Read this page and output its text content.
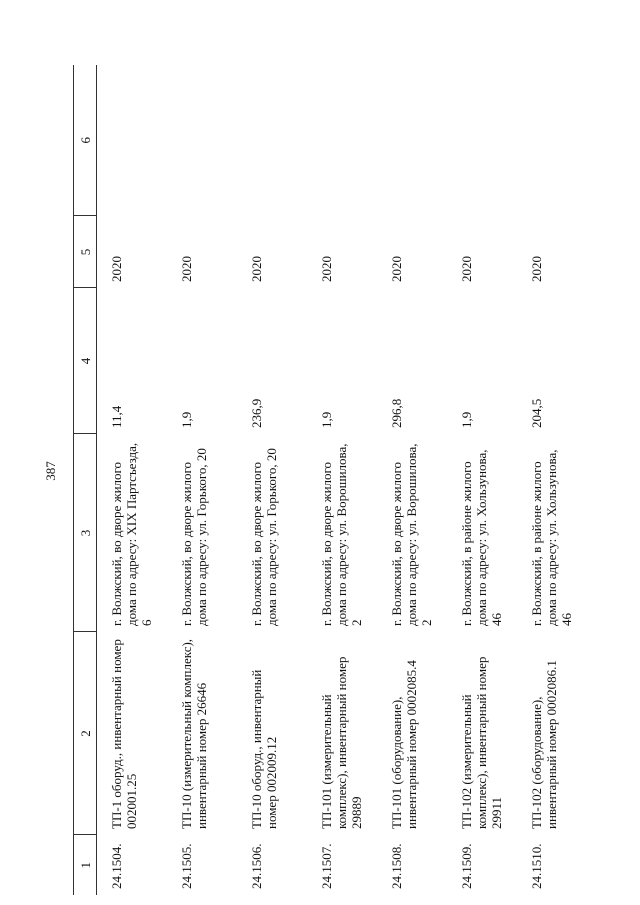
387
1	2	3	4	5	6
24.1504.	ТП-1 оборуд., инвентарный номер 002001.25	г. Волжский, во дворе жилого дома по адресу: XIX Партсъезда, 6	11,4	2020	
24.1505.	ТП-10 (измерительный комплекс), инвентарный номер 26646	г. Волжский, во дворе жилого дома по адресу: ул. Горького, 20	1,9	2020	
24.1506.	ТП-10 оборуд., инвентарный номер 002009.12	г. Волжский, во дворе жилого дома по адресу: ул. Горького, 20	236,9	2020	
24.1507.	ТП-101 (измерительный комплекс), инвентарный номер 29889	г. Волжский, во дворе жилого дома по адресу: ул. Ворошилова, 2	1,9	2020	
24.1508.	ТП-101 (оборудование), инвентарный номер 0002085.4	г. Волжский, во дворе жилого дома по адресу: ул. Ворошилова, 2	296,8	2020	
24.1509.	ТП-102 (измерительный комплекс), инвентарный номер 29911	г. Волжский, в районе жилого дома по адресу: ул. Хользунова, 46	1,9	2020	
24.1510.	ТП-102 (оборудование), инвентарный номер 0002086.1	г. Волжский, в районе жилого дома по адресу: ул. Хользунова, 46	204,5	2020	
